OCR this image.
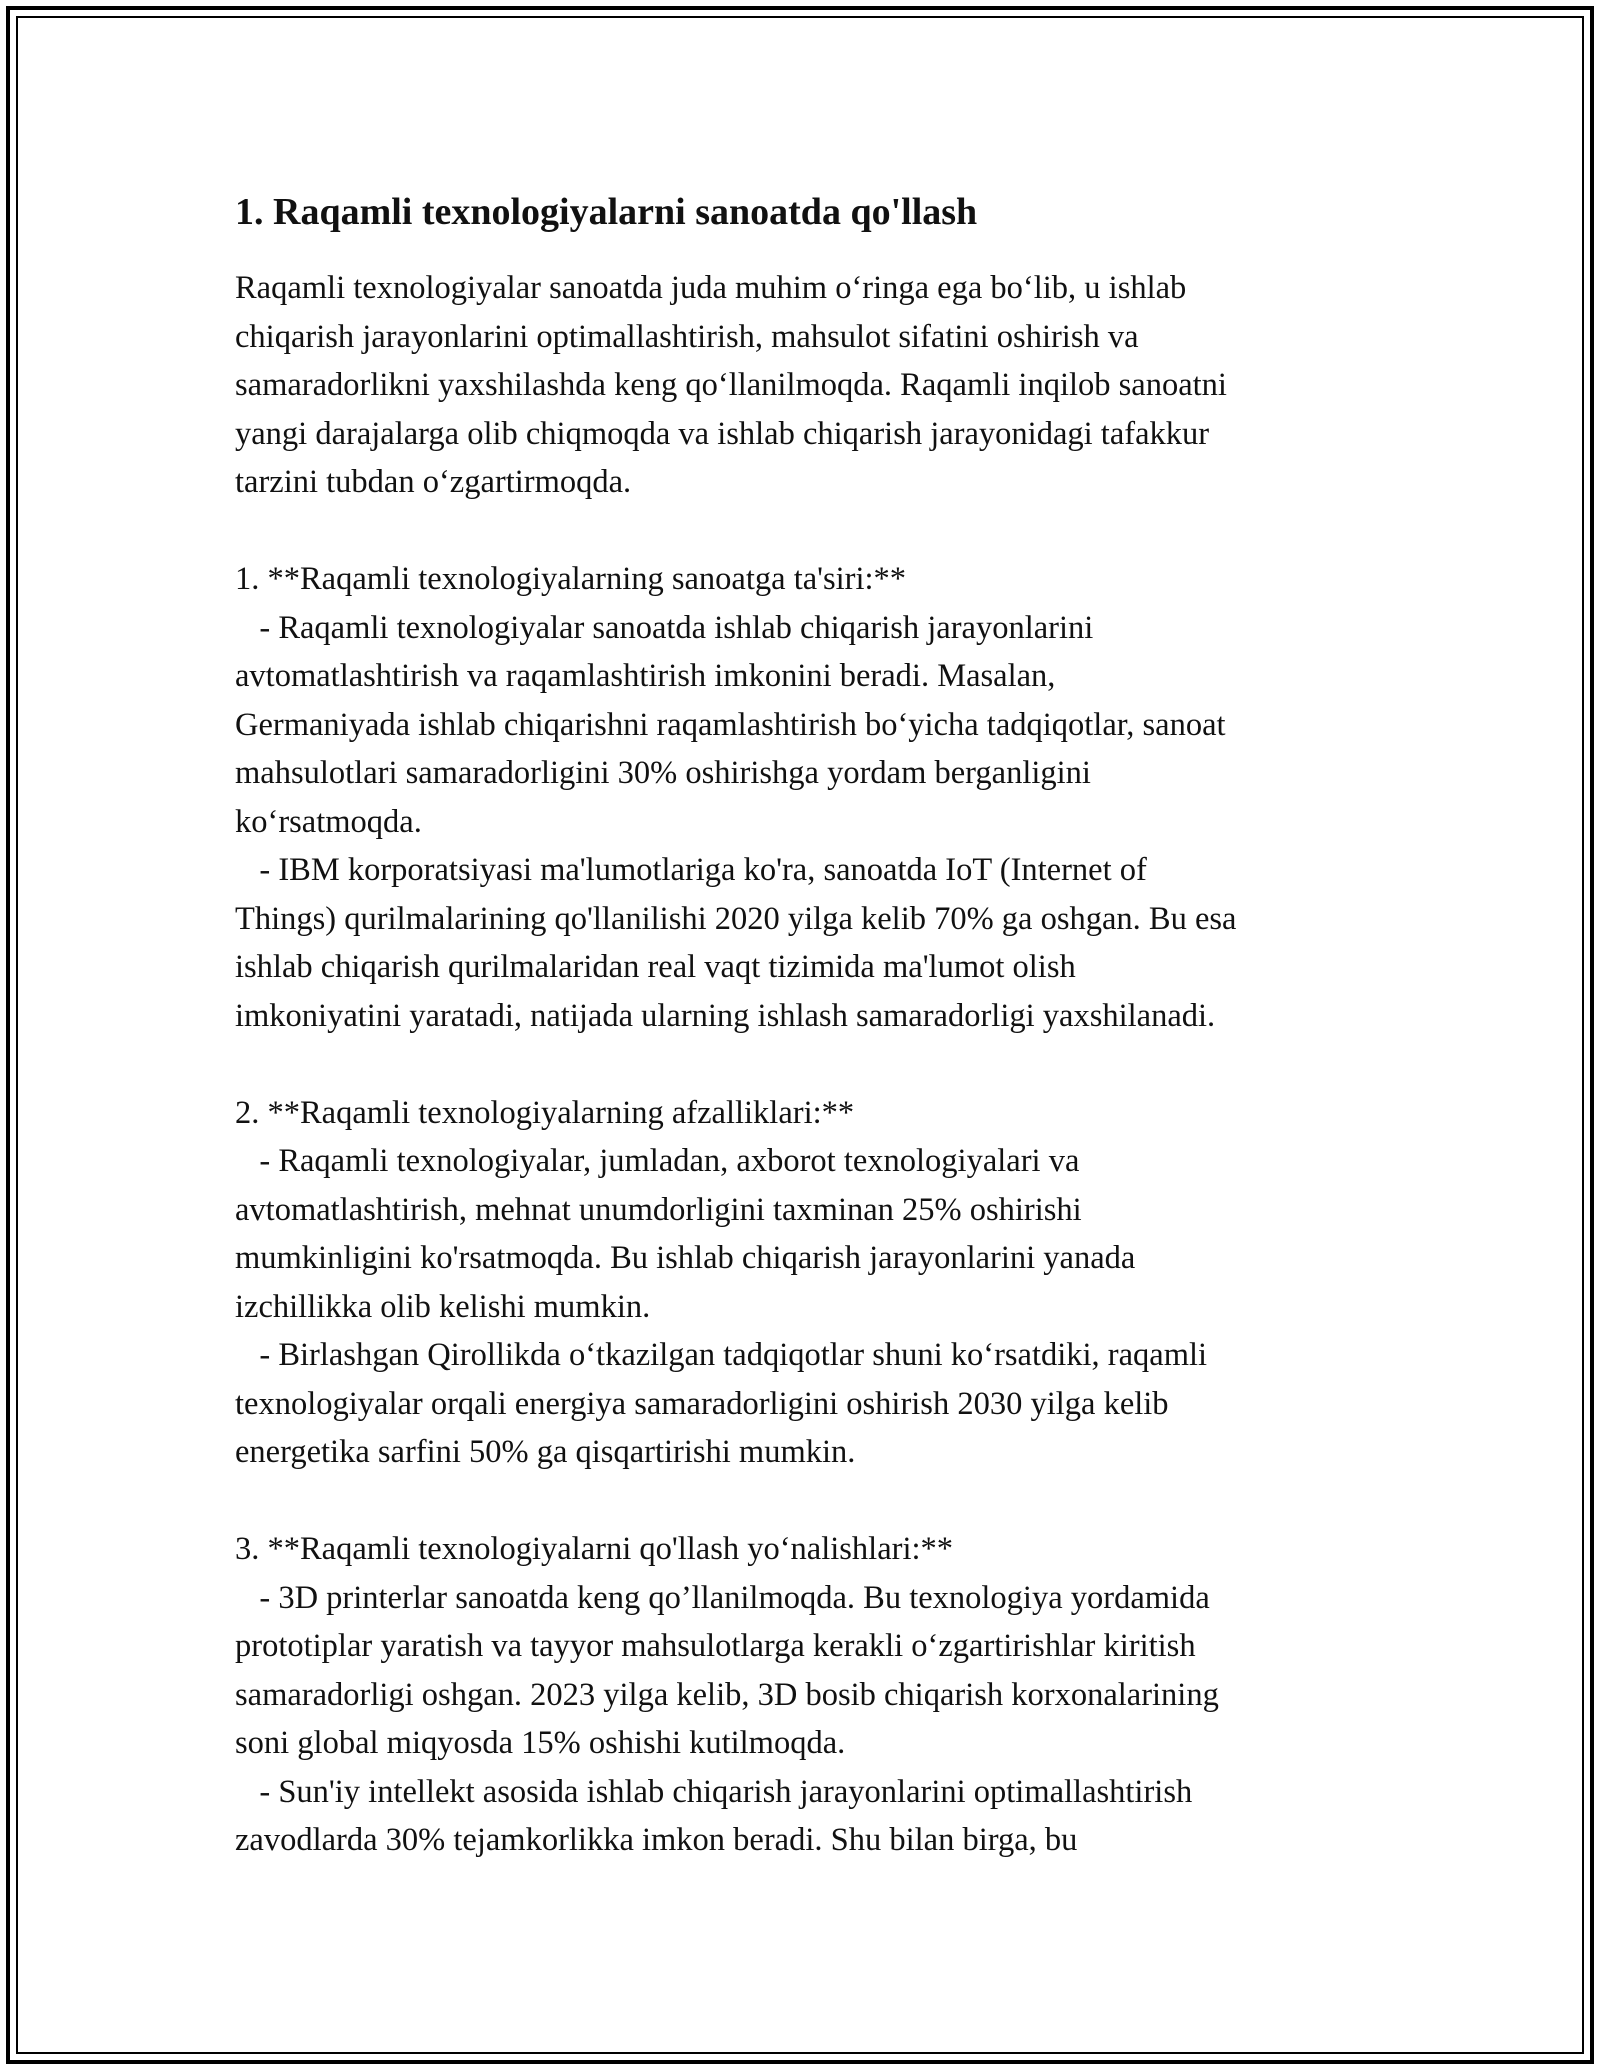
1. Raqamli texnologiyalarni sanoatda qo'llash
Raqamli texnologiyalar sanoatda juda muhim oʻringa ega boʻlib, u ishlab
chiqarish jarayonlarini optimallashtirish, mahsulot sifatini oshirish va
samaradorlikni yaxshilashda keng qoʻllanilmoqda. Raqamli inqilob sanoatni
yangi darajalarga olib chiqmoqda va ishlab chiqarish jarayonidagi tafakkur
tarzini tubdan oʻzgartirmoqda.
1. **Raqamli texnologiyalarning sanoatga ta'siri:**
- Raqamli texnologiyalar sanoatda ishlab chiqarish jarayonlarini
avtomatlashtirish va raqamlashtirish imkonini beradi. Masalan,
Germaniyada ishlab chiqarishni raqamlashtirish boʻyicha tadqiqotlar, sanoat
mahsulotlari samaradorligini 30% oshirishga yordam berganligini
koʻrsatmoqda.
- IBM korporatsiyasi ma'lumotlariga ko'ra, sanoatda IoT (Internet of
Things) qurilmalarining qo'llanilishi 2020 yilga kelib 70% ga oshgan. Bu esa
ishlab chiqarish qurilmalaridan real vaqt tizimida ma'lumot olish
imkoniyatini yaratadi, natijada ularning ishlash samaradorligi yaxshilanadi.
2. **Raqamli texnologiyalarning afzalliklari:**
- Raqamli texnologiyalar, jumladan, axborot texnologiyalari va
avtomatlashtirish, mehnat unumdorligini taxminan 25% oshirishi
mumkinligini ko'rsatmoqda. Bu ishlab chiqarish jarayonlarini yanada
izchillikka olib kelishi mumkin.
- Birlashgan Qirollikda oʻtkazilgan tadqiqotlar shuni koʻrsatdiki, raqamli
texnologiyalar orqali energiya samaradorligini oshirish 2030 yilga kelib
energetika sarfini 50% ga qisqartirishi mumkin.
3. **Raqamli texnologiyalarni qo'llash yoʻnalishlari:**
- 3D printerlar sanoatda keng qo’llanilmoqda. Bu texnologiya yordamida
prototiplar yaratish va tayyor mahsulotlarga kerakli oʻzgartirishlar kiritish
samaradorligi oshgan. 2023 yilga kelib, 3D bosib chiqarish korxonalarining
soni global miqyosda 15% oshishi kutilmoqda.
- Sun'iy intellekt asosida ishlab chiqarish jarayonlarini optimallashtirish
zavodlarda 30% tejamkorlikka imkon beradi. Shu bilan birga, bu
